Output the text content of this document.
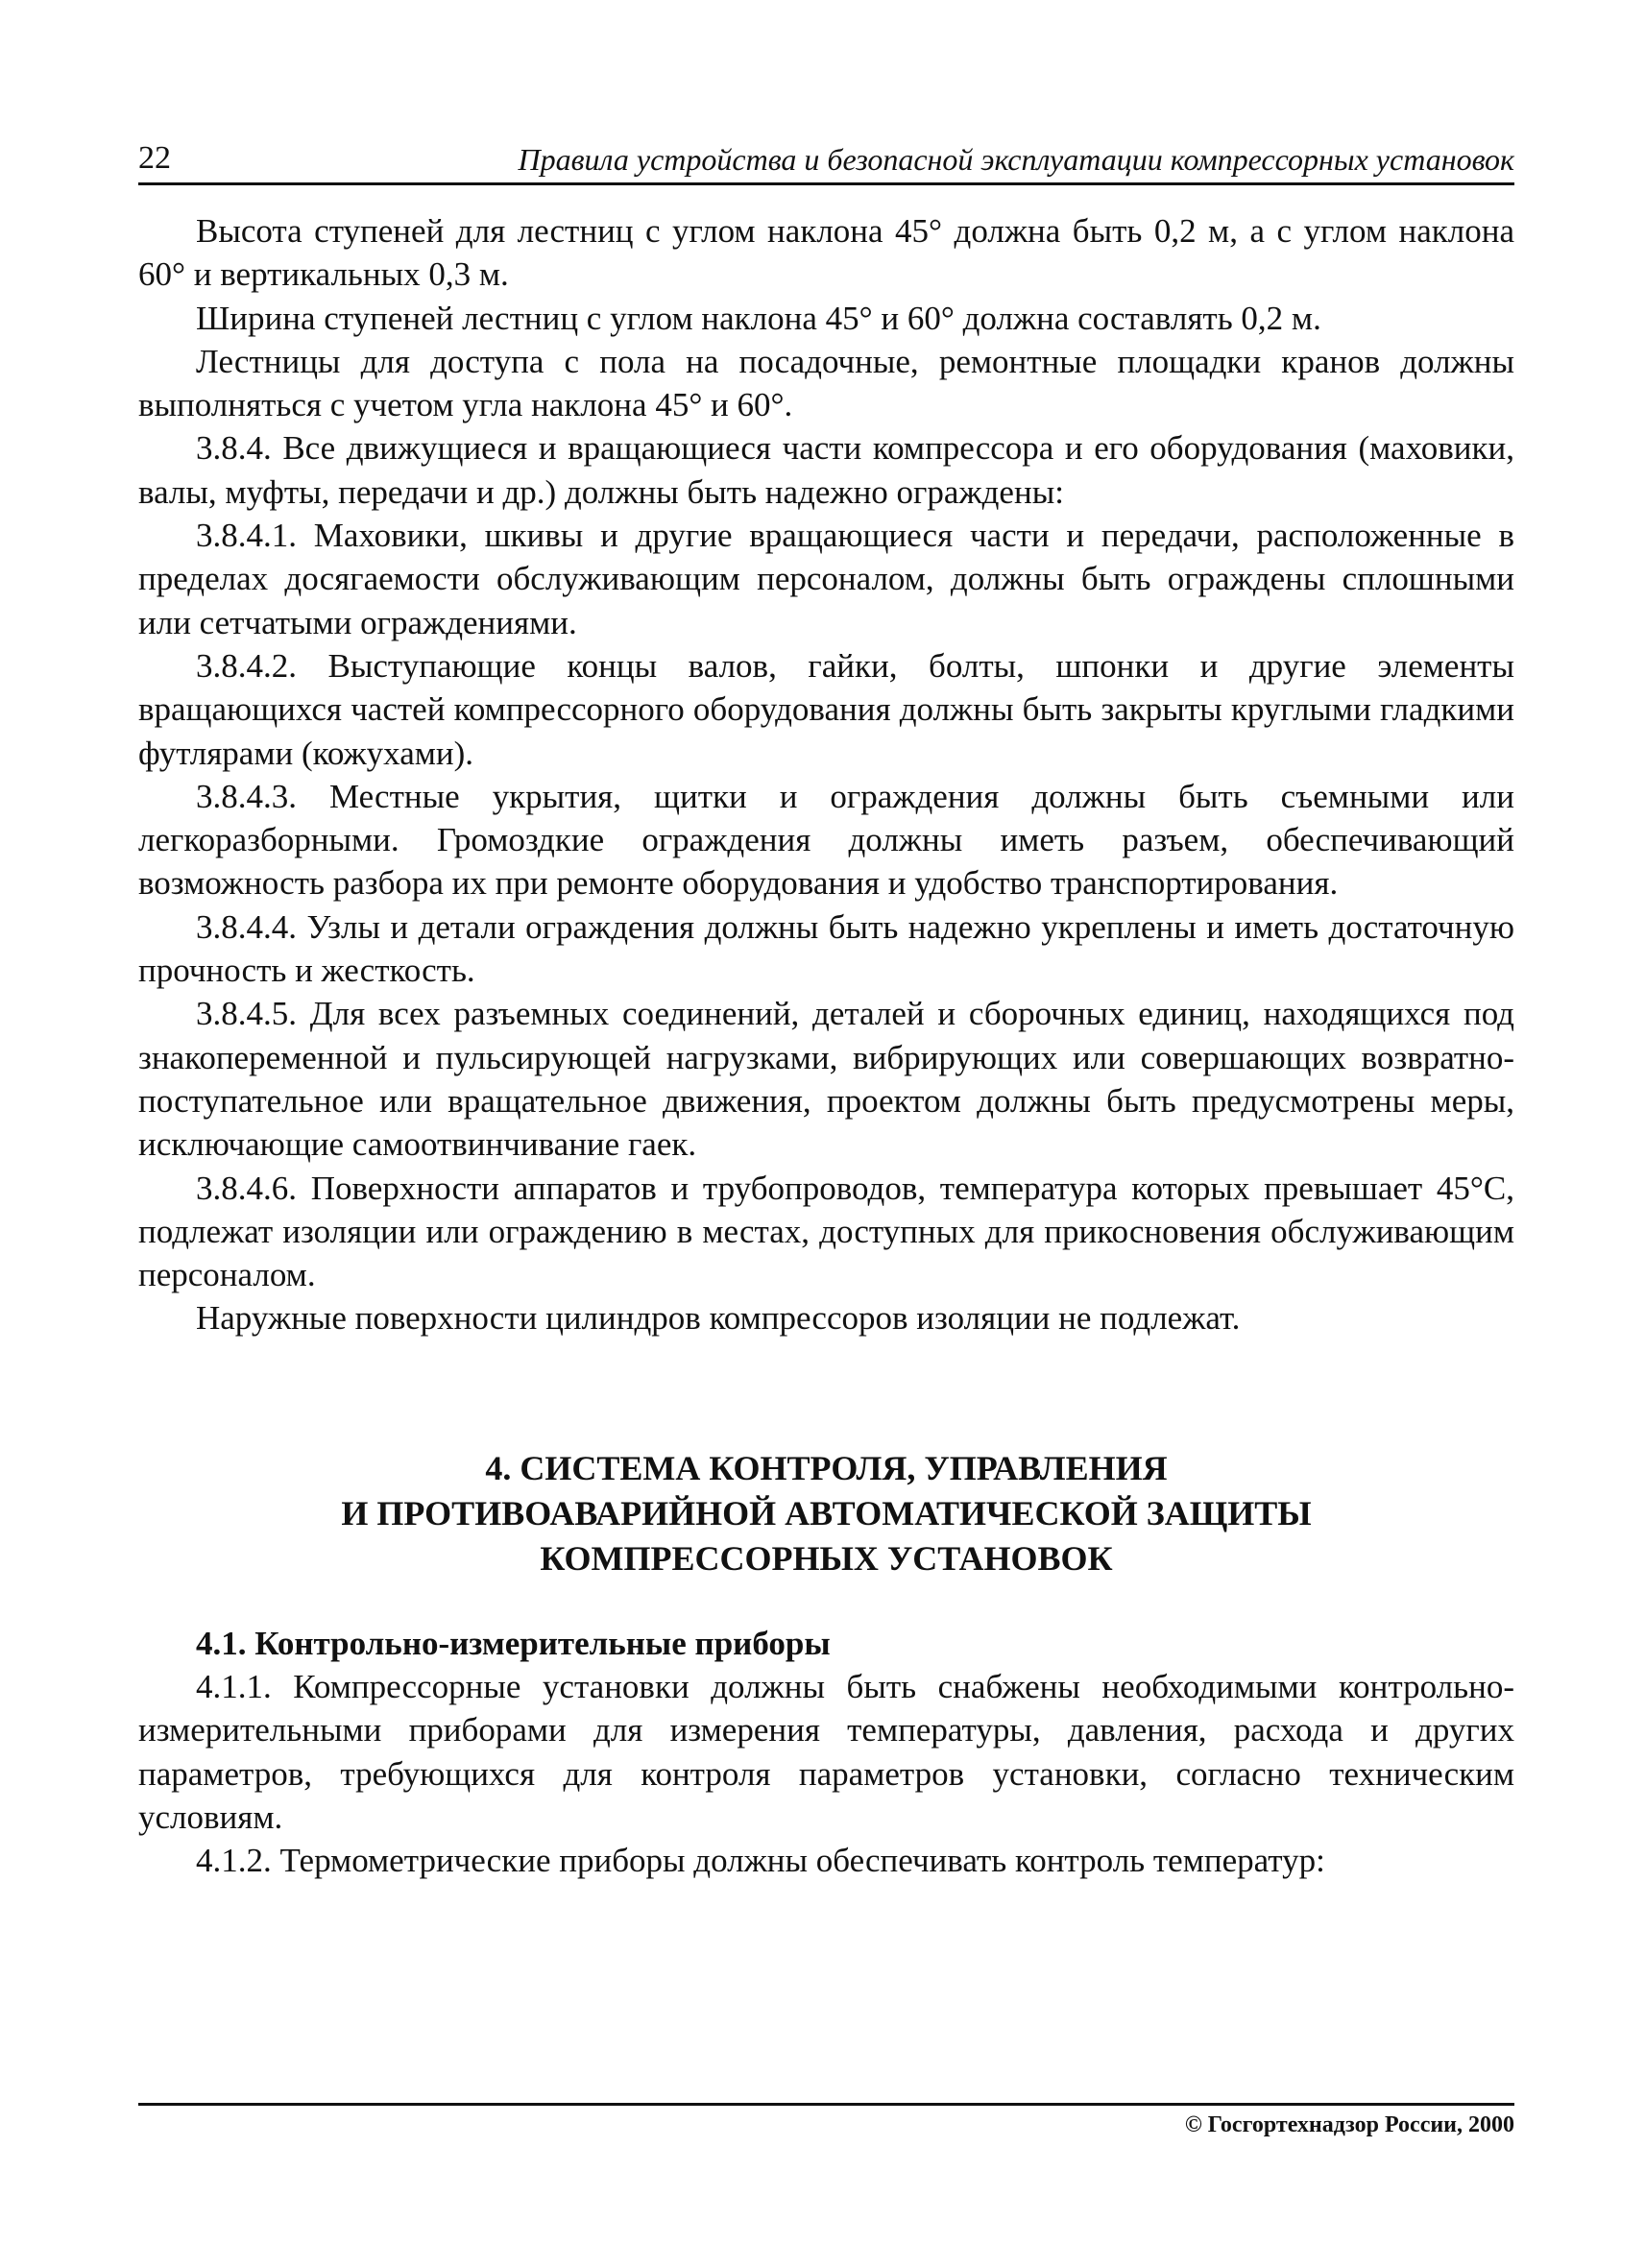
22	Правила устройства и безопасной эксплуатации компрессорных установок

Высота ступеней для лестниц с углом наклона 45° должна быть 0,2 м, а с углом наклона 60° и вертикальных 0,3 м.

Ширина ступеней лестниц с углом наклона 45° и 60° должна составлять 0,2 м.

Лестницы для доступа с пола на посадочные, ремонтные площадки кранов должны выполняться с учетом угла наклона 45° и 60°.

3.8.4. Все движущиеся и вращающиеся части компрессора и его оборудования (маховики, валы, муфты, передачи и др.) должны быть надежно ограждены:

3.8.4.1. Маховики, шкивы и другие вращающиеся части и передачи, расположенные в пределах досягаемости обслуживающим персоналом, должны быть ограждены сплошными или сетчатыми ограждениями.

3.8.4.2. Выступающие концы валов, гайки, болты, шпонки и другие элементы вращающихся частей компрессорного оборудования должны быть закрыты круглыми гладкими футлярами (кожухами).

3.8.4.3. Местные укрытия, щитки и ограждения должны быть съемными или легкоразборными. Громоздкие ограждения должны иметь разъем, обеспечивающий возможность разбора их при ремонте оборудования и удобство транспортирования.

3.8.4.4. Узлы и детали ограждения должны быть надежно укреплены и иметь достаточную прочность и жесткость.

3.8.4.5. Для всех разъемных соединений, деталей и сборочных единиц, находящихся под знакопеременной и пульсирующей нагрузками, вибрирующих или совершающих возвратно-поступательное или вращательное движения, проектом должны быть предусмотрены меры, исключающие самоотвинчивание гаек.

3.8.4.6. Поверхности аппаратов и трубопроводов, температура которых превышает 45°С, подлежат изоляции или ограждению в местах, доступных для прикосновения обслуживающим персоналом.

Наружные поверхности цилиндров компрессоров изоляции не подлежат.

4. СИСТЕМА КОНТРОЛЯ, УПРАВЛЕНИЯ
И ПРОТИВОАВАРИЙНОЙ АВТОМАТИЧЕСКОЙ ЗАЩИТЫ
КОМПРЕССОРНЫХ УСТАНОВОК

4.1. Контрольно-измерительные приборы

4.1.1. Компрессорные установки должны быть снабжены необходимыми контрольно-измерительными приборами для измерения температуры, давления, расхода и других параметров, требующихся для контроля параметров установки, согласно техническим условиям.

4.1.2. Термометрические приборы должны обеспечивать контроль температур:

© Госгортехнадзор России, 2000
